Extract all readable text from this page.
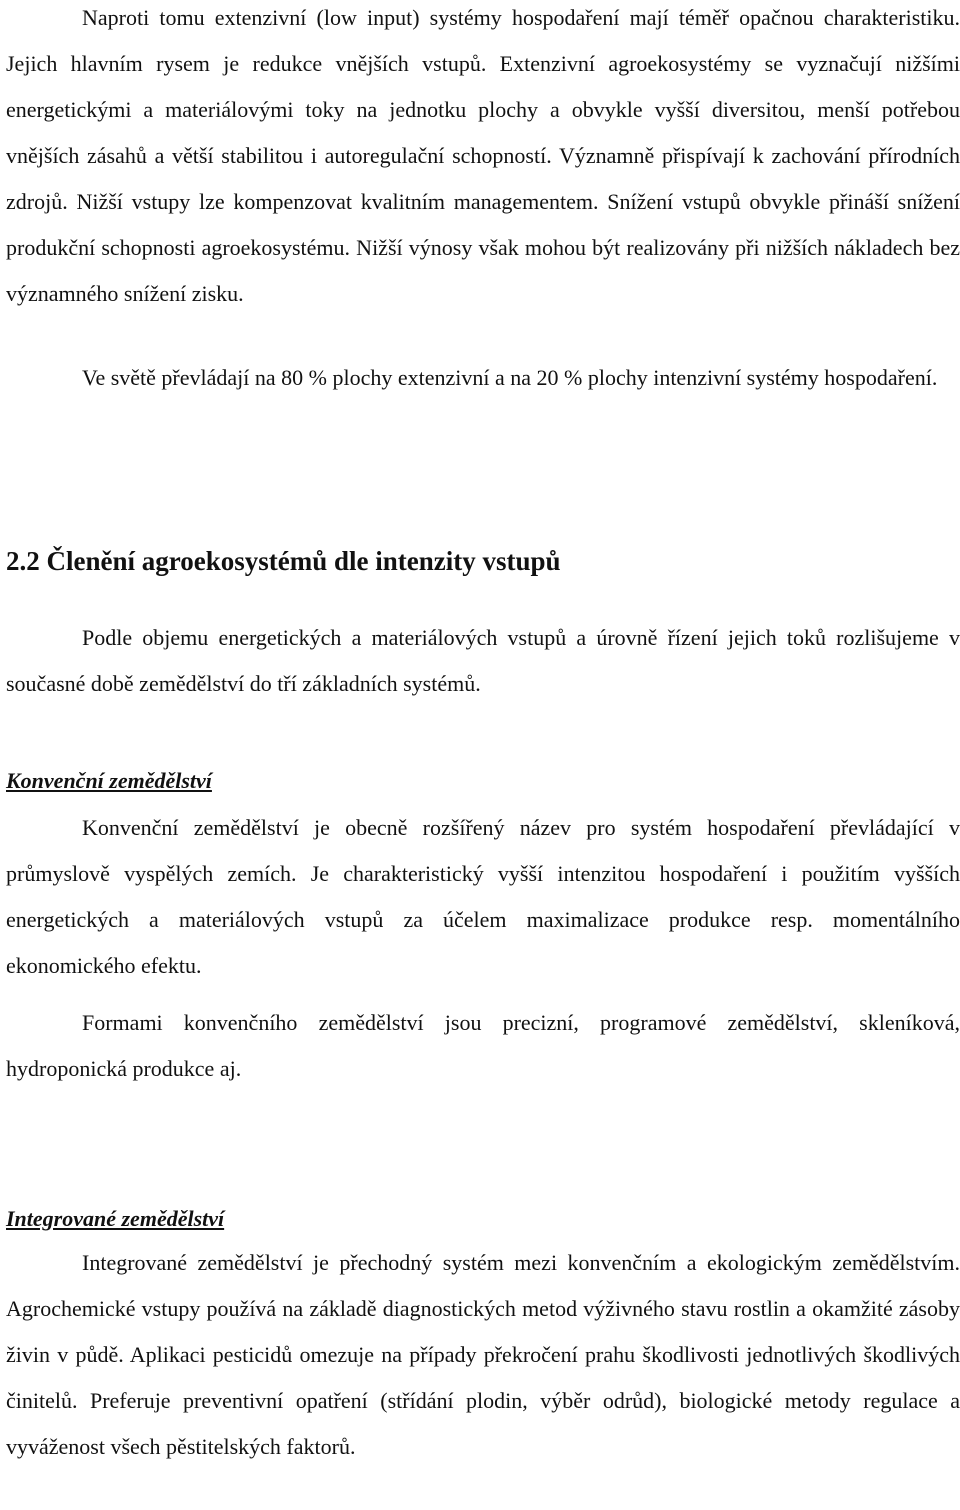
Naproti tomu extenzivní (low input) systémy hospodaření mají téměř opačnou charakteristiku. Jejich hlavním rysem je redukce vnějších vstupů. Extenzivní agroekosystémy se vyznačují nižšími energetickými a materiálovými toky na jednotku plochy a obvykle vyšší diversitou, menší potřebou vnějších zásahů a větší stabilitou i autoregulační schopností. Významně přispívají k zachování přírodních zdrojů. Nižší vstupy lze kompenzovat kvalitním managementem. Snížení vstupů obvykle přináší snížení produkční schopnosti agroekosystému. Nižší výnosy však mohou být realizovány při nižších nákladech bez významného snížení zisku.

Ve světě převládají na 80 % plochy extenzivní a na 20 % plochy intenzivní systémy hospodaření.

2.2 Členění agroekosystémů dle intenzity vstupů

Podle objemu energetických a materiálových vstupů a úrovně řízení jejich toků rozlišujeme v současné době zemědělství do tří základních systémů.

Konvenční zemědělství

Konvenční zemědělství je obecně rozšířený název pro systém hospodaření převládající v průmyslově vyspělých zemích. Je charakteristický vyšší intenzitou hospodaření i použitím vyšších energetických a materiálových vstupů za účelem maximalizace produkce resp. momentálního ekonomického efektu.

Formami konvenčního zemědělství jsou precizní, programové zemědělství, skleníková, hydroponická produkce aj.

Integrované zemědělství

Integrované zemědělství je přechodný systém mezi konvenčním a ekologickým zemědělstvím. Agrochemické vstupy používá na základě diagnostických metod výživného stavu rostlin a okamžité zásoby živin v půdě. Aplikaci pesticidů omezuje na případy překročení prahu škodlivosti jednotlivých škodlivých činitelů. Preferuje preventivní opatření (střídání plodin, výběr odrůd), biologické metody regulace a vyváženost všech pěstitelských faktorů.
